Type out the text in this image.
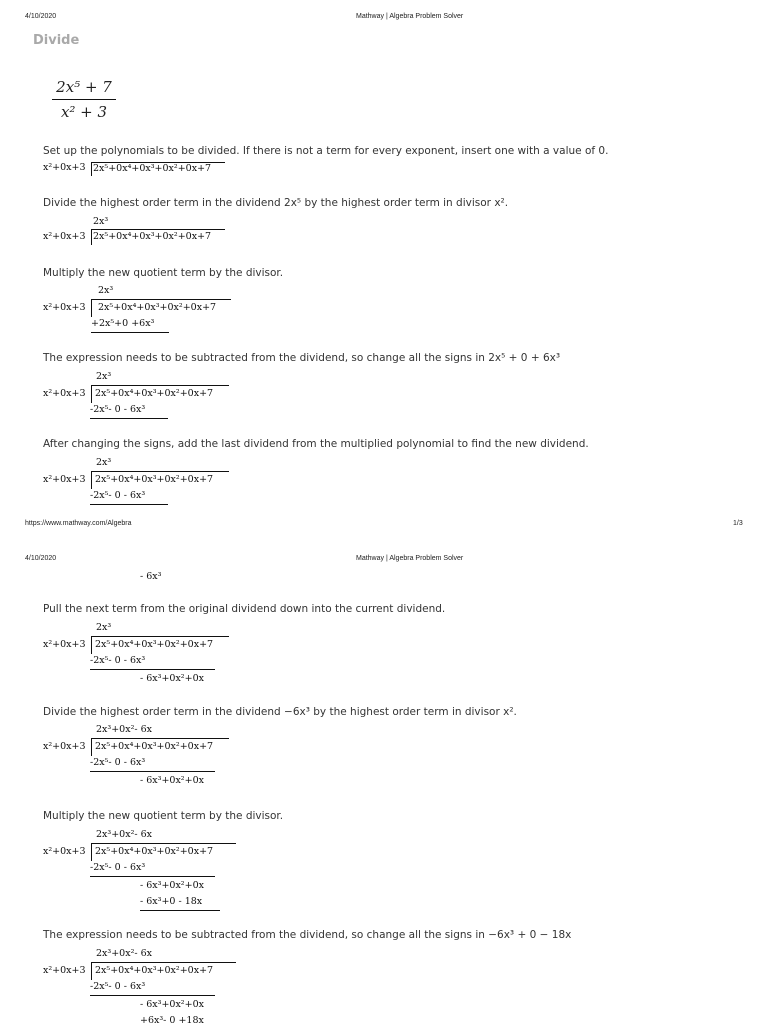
4/10/2020	Mathway | Algebra Problem Solver
Divide
2x⁵ + 7
x² + 3
Set up the polynomials to be divided. If there is not a term for every exponent, insert one with a value of 0.
x²+0x+3 2x⁵+0x⁴+0x³+0x²+0x+7
Divide the highest order term in the dividend 2x⁵ by the highest order term in divisor x².
2x³
x²+0x+3 2x⁵+0x⁴+0x³+0x²+0x+7
Multiply the new quotient term by the divisor.
2x³
x²+0x+3 2x⁵+0x⁴+0x³+0x²+0x+7
+2x⁵+0 +6x³
The expression needs to be subtracted from the dividend, so change all the signs in 2x⁵ + 0 + 6x³
2x³
x²+0x+3 2x⁵+0x⁴+0x³+0x²+0x+7
-2x⁵- 0 - 6x³
After changing the signs, add the last dividend from the multiplied polynomial to find the new dividend.
2x³
x²+0x+3 2x⁵+0x⁴+0x³+0x²+0x+7
-2x⁵- 0 - 6x³
https://www.mathway.com/Algebra	1/3
4/10/2020	Mathway | Algebra Problem Solver
- 6x³
Pull the next term from the original dividend down into the current dividend.
2x³
x²+0x+3 2x⁵+0x⁴+0x³+0x²+0x+7
-2x⁵- 0 - 6x³
- 6x³+0x²+0x
Divide the highest order term in the dividend −6x³ by the highest order term in divisor x².
2x³+0x²- 6x
x²+0x+3 2x⁵+0x⁴+0x³+0x²+0x+7
-2x⁵- 0 - 6x³
- 6x³+0x²+0x
Multiply the new quotient term by the divisor.
2x³+0x²- 6x
x²+0x+3 2x⁵+0x⁴+0x³+0x²+0x+7
-2x⁵- 0 - 6x³
- 6x³+0x²+0x
- 6x³+0 - 18x
The expression needs to be subtracted from the dividend, so change all the signs in −6x³ + 0 − 18x
2x³+0x²- 6x
x²+0x+3 2x⁵+0x⁴+0x³+0x²+0x+7
-2x⁵- 0 - 6x³
- 6x³+0x²+0x
+6x³- 0 +18x
